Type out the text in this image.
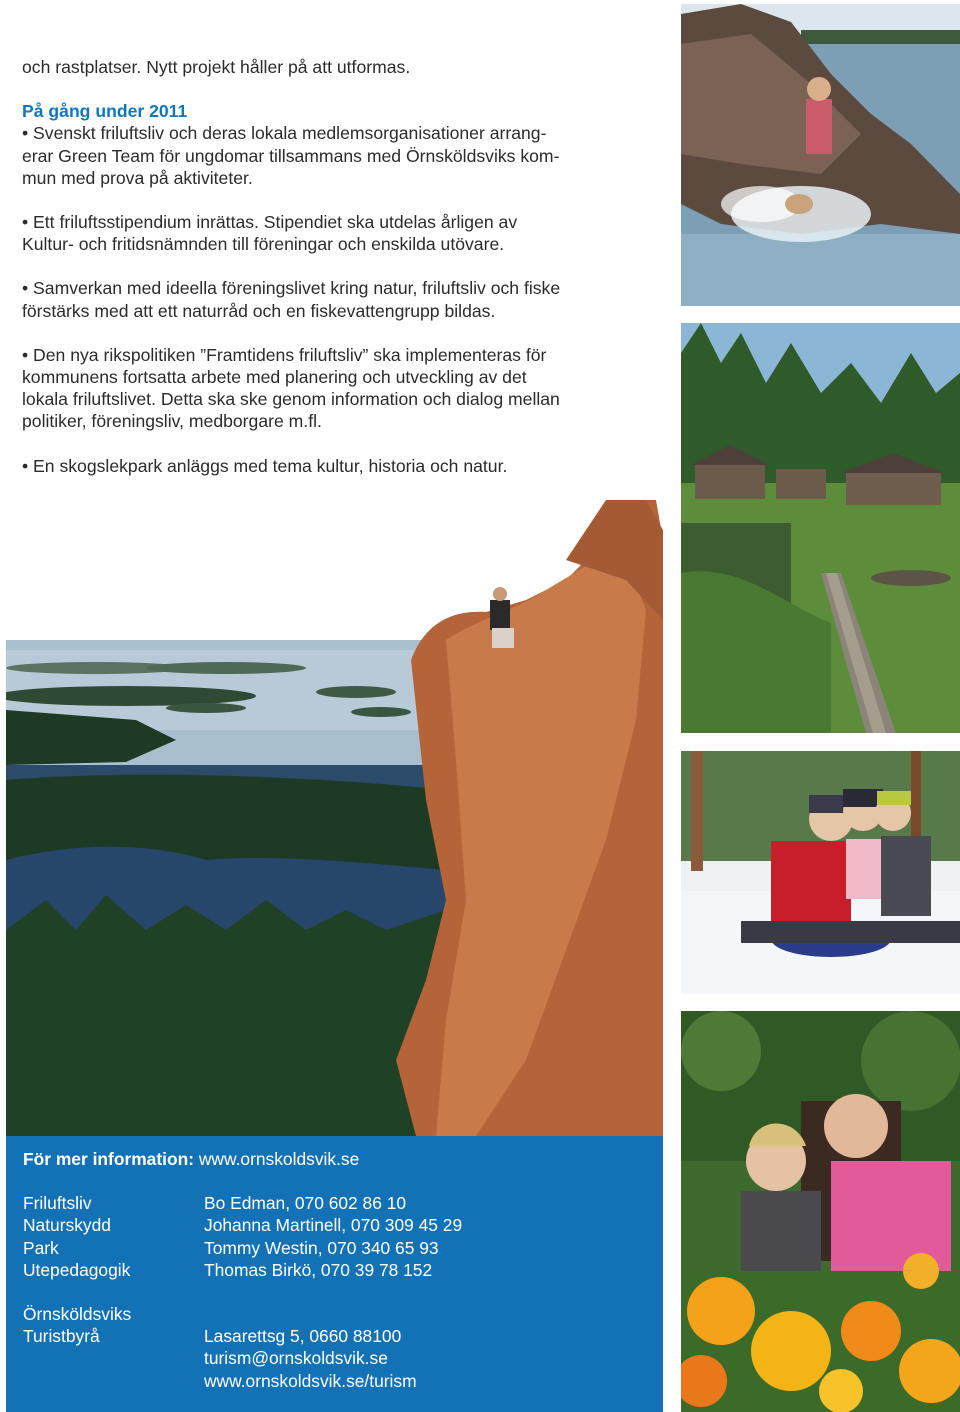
och rastplatser. Nytt projekt håller på att utformas.

På gång under 2011

• Svenskt friluftsliv och deras lokala medlemsorganisationer arrang-

erar Green Team för ungdomar tillsammans med Örnsköldsviks kom-

mun med prova på aktiviteter.

• Ett friluftsstipendium inrättas. Stipendiet ska utdelas årligen av

Kultur- och fritidsnämnden till föreningar och enskilda utövare.

• Samverkan med ideella föreningslivet kring natur, friluftsliv och fiske

förstärks med att ett naturråd och en fiskevattengrupp bildas.

• Den nya rikspolitiken ”Framtidens friluftsliv” ska implementeras för

kommunens fortsatta arbete med planering och utveckling av det

lokala friluftslivet. Detta ska ske genom information och dialog mellan

politiker, föreningsliv, medborgare m.fl.

• En skogslekpark anläggs med tema kultur, historia och natur.

För mer information: www.ornskoldsvik.se

Friluftsliv	Bo Edman, 070 602 86 10
Naturskydd	Johanna Martinell, 070 309 45 29
Park	Tommy Westin, 070 340 65 93
Utepedagogik	Thomas Birkö, 070 39 78 152
Örnsköldsviks
Turistbyrå	Lasarettsg 5, 0660 88100
turism@ornskoldsvik.se
www.ornskoldsvik.se/turism
